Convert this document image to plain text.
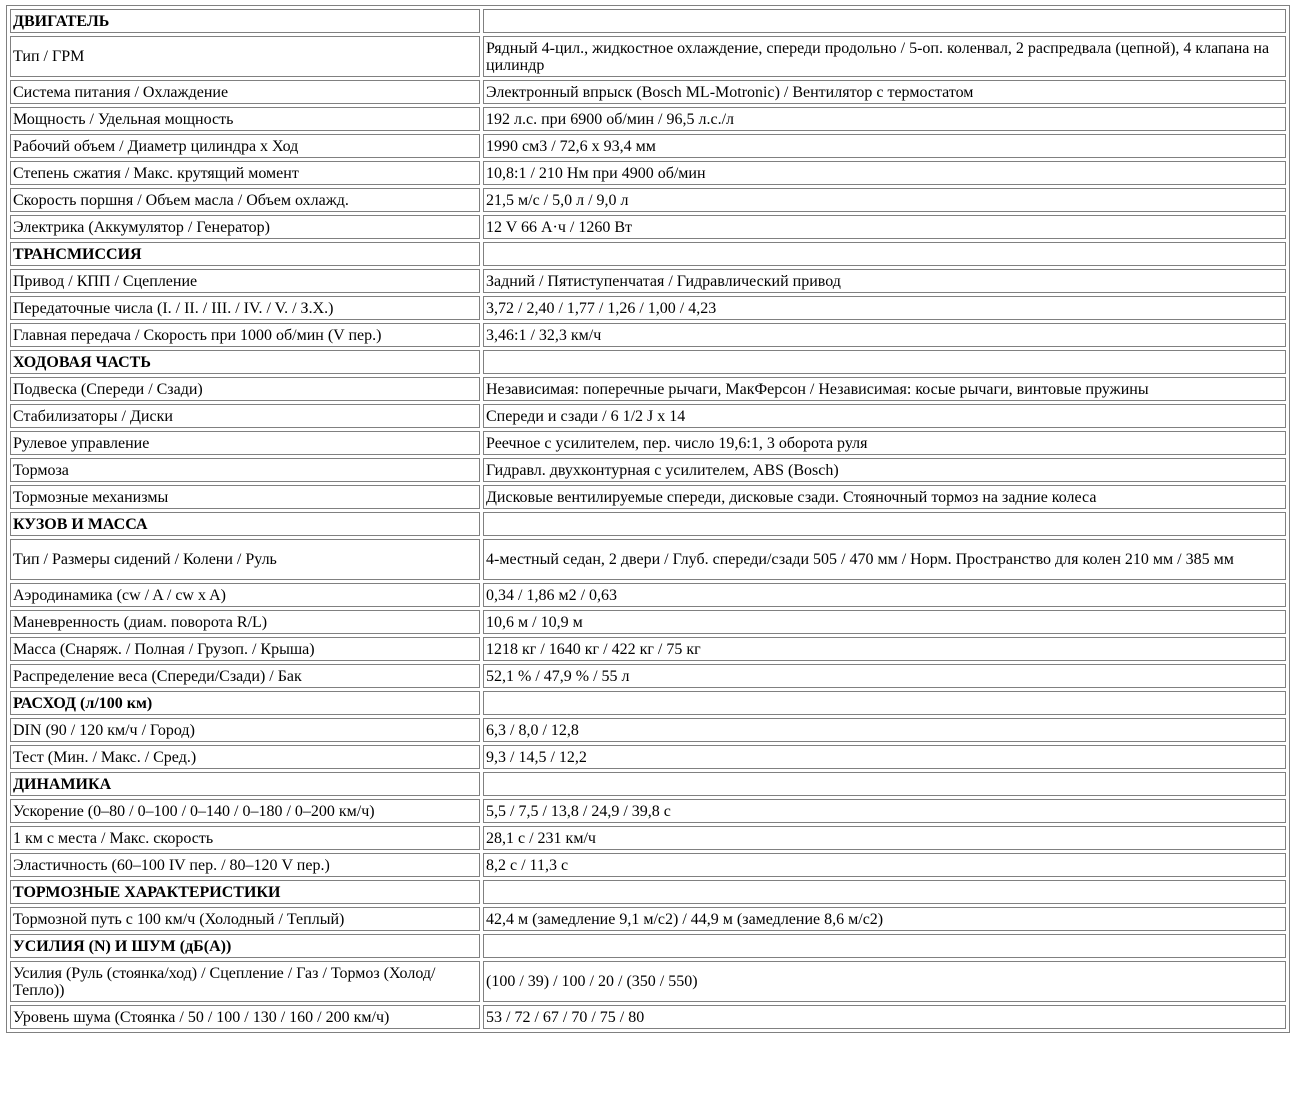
ДВИГАТЕЛЬ	
Тип / ГРМ	Рядный 4-цил., жидкостное охлаждение, спереди продольно / 5-оп. коленвал, 2 распредвала (цепной), 4 клапана на цилиндр
Система питания / Охлаждение	Электронный впрыск (Bosch ML-Motronic) / Вентилятор с термостатом
Мощность / Удельная мощность	192 л.с. при 6900 об/мин / 96,5 л.с./л
Рабочий объем / Диаметр цилиндра х Ход	1990 см3 / 72,6 х 93,4 мм
Степень сжатия / Макс. крутящий момент	10,8:1 / 210 Нм при 4900 об/мин
Скорость поршня / Объем масла / Объем охлажд.	21,5 м/с / 5,0 л / 9,0 л
Электрика (Аккумулятор / Генератор)	12 V 66 А·ч / 1260 Вт
ТРАНСМИССИЯ	
Привод / КПП / Сцепление	Задний / Пятиступенчатая / Гидравлический привод
Передаточные числа (I. / II. / III. / IV. / V. / З.Х.)	3,72 / 2,40 / 1,77 / 1,26 / 1,00 / 4,23
Главная передача / Скорость при 1000 об/мин (V пер.)	3,46:1 / 32,3 км/ч
ХОДОВАЯ ЧАСТЬ	
Подвеска (Спереди / Сзади)	Независимая: поперечные рычаги, МакФерсон / Независимая: косые рычаги, винтовые пружины
Стабилизаторы / Диски	Спереди и сзади / 6 1/2 J x 14
Рулевое управление	Реечное с усилителем, пер. число 19,6:1, 3 оборота руля
Тормоза	Гидравл. двухконтурная с усилителем, ABS (Bosch)
Тормозные механизмы	Дисковые вентилируемые спереди, дисковые сзади. Стояночный тормоз на задние колеса
КУЗОВ И МАССА	
Тип / Размеры сидений / Колени / Руль	4-местный седан, 2 двери / Глуб. спереди/сзади 505 / 470 мм / Норм. Пространство для колен 210 мм / 385 мм
Аэродинамика (cw / A / cw x A)	0,34 / 1,86 м2 / 0,63
Маневренность (диам. поворота R/L)	10,6 м / 10,9 м
Масса (Снаряж. / Полная / Грузоп. / Крыша)	1218 кг / 1640 кг / 422 кг / 75 кг
Распределение веса (Спереди/Сзади) / Бак	52,1 % / 47,9 % / 55 л
РАСХОД (л/100 км)	
DIN (90 / 120 км/ч / Город)	6,3 / 8,0 / 12,8
Тест (Мин. / Макс. / Сред.)	9,3 / 14,5 / 12,2
ДИНАМИКА	
Ускорение (0–80 / 0–100 / 0–140 / 0–180 / 0–200 км/ч)	5,5 / 7,5 / 13,8 / 24,9 / 39,8 с
1 км с места / Макс. скорость	28,1 с / 231 км/ч
Эластичность (60–100 IV пер. / 80–120 V пер.)	8,2 с / 11,3 с
ТОРМОЗНЫЕ ХАРАКТЕРИСТИКИ	
Тормозной путь с 100 км/ч (Холодный / Теплый)	42,4 м (замедление 9,1 м/с2) / 44,9 м (замедление 8,6 м/с2)
УСИЛИЯ (N) И ШУМ (дБ(А))	
Усилия (Руль (стоянка/ход) / Сцепление / Газ / Тормоз (Холод/Тепло))	(100 / 39) / 100 / 20 / (350 / 550)
Уровень шума (Стоянка / 50 / 100 / 130 / 160 / 200 км/ч)	53 / 72 / 67 / 70 / 75 / 80
